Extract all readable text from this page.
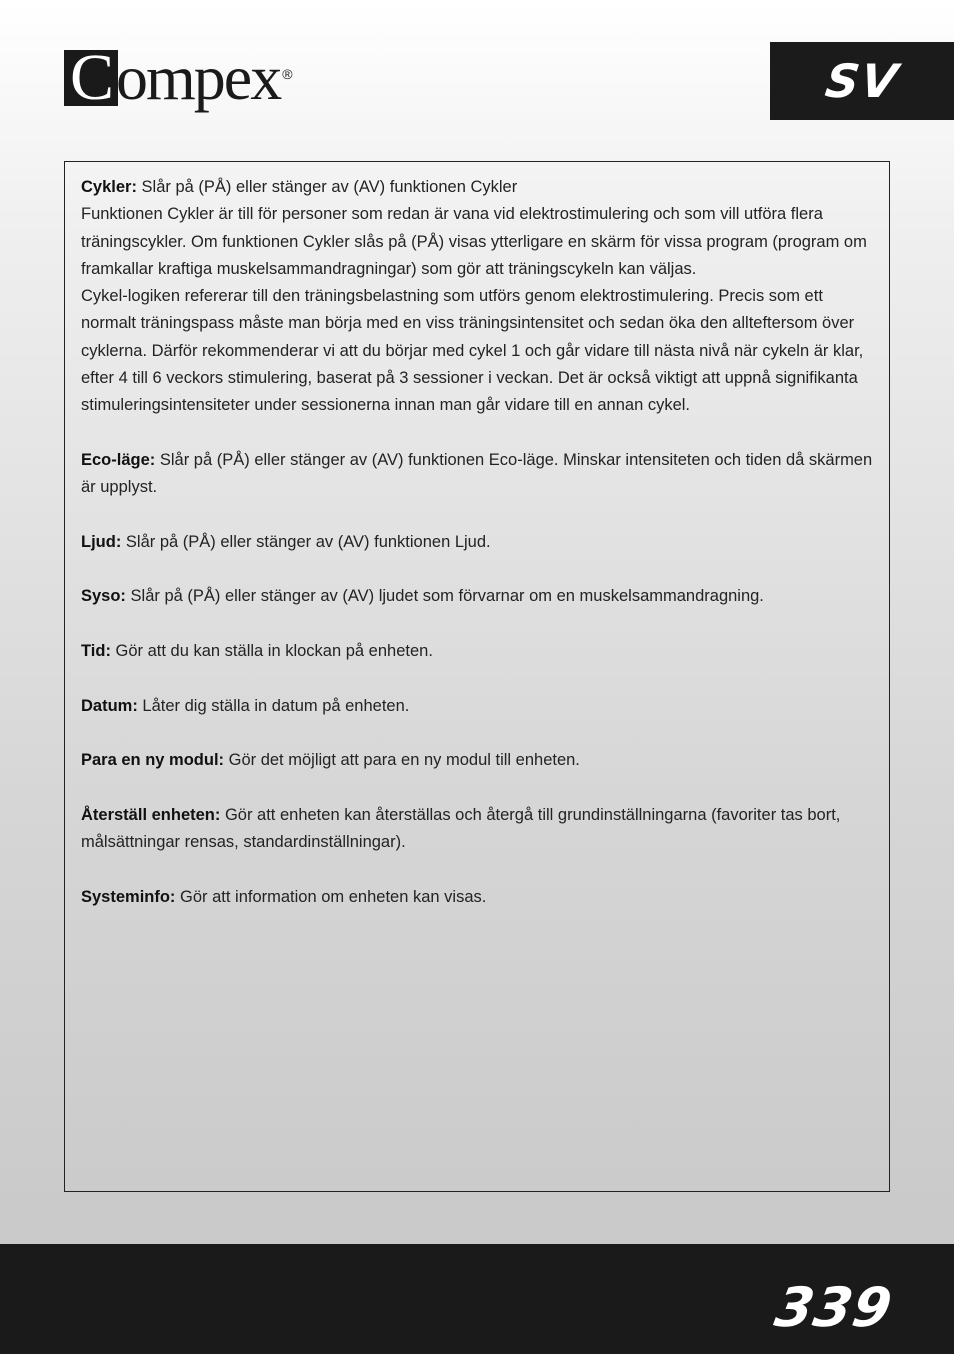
C ompex ®	SV

Cykler: Slår på (PÅ) eller stänger av (AV) funktionen Cykler

Funktionen Cykler är till för personer som redan är vana vid elektrostimulering och som vill utföra flera träningscykler. Om funktionen Cykler slås på (PÅ) visas ytterligare en skärm för vissa program (program om framkallar kraftiga muskelsammandragningar) som gör att träningscykeln kan väljas.

Cykel-logiken refererar till den träningsbelastning som utförs genom elektrostimulering. Precis som ett normalt träningspass måste man börja med en viss träningsintensitet och sedan öka den allteftersom över cyklerna. Därför rekommenderar vi att du börjar med cykel 1 och går vidare till nästa nivå när cykeln är klar, efter 4 till 6 veckors stimulering, baserat på 3 sessioner i veckan. Det är också viktigt att uppnå signifikanta stimuleringsintensiteter under sessionerna innan man går vidare till en annan cykel.

Eco-läge: Slår på (PÅ) eller stänger av (AV) funktionen Eco-läge. Minskar intensiteten och tiden då skärmen är upplyst.
Ljud: Slår på (PÅ) eller stänger av (AV) funktionen Ljud.
Syso: Slår på (PÅ) eller stänger av (AV) ljudet som förvarnar om en muskelsammandragning.
Tid: Gör att du kan ställa in klockan på enheten.
Datum: Låter dig ställa in datum på enheten.
Para en ny modul: Gör det möjligt att para en ny modul till enheten.
Återställ enheten: Gör att enheten kan återställas och återgå till grundinställningarna (favoriter tas bort, målsättningar rensas, standardinställningar).
Systeminfo: Gör att information om enheten kan visas.
339
